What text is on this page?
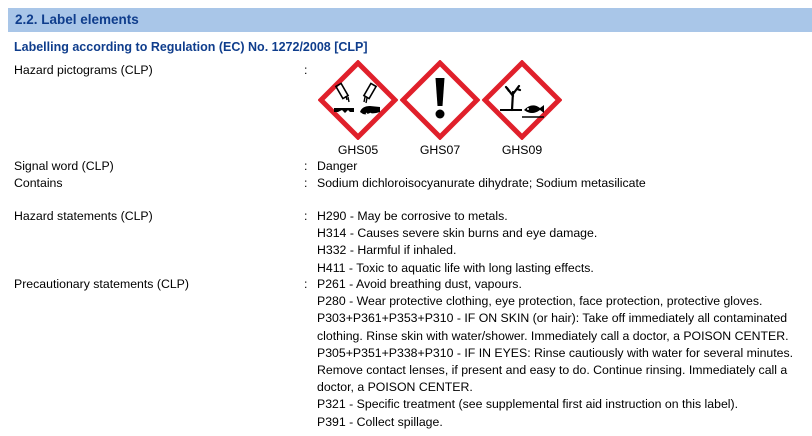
2.2. Label elements
Labelling according to Regulation (EC) No. 1272/2008 [CLP]
Hazard pictograms (CLP)	:
GHS05	GHS07	GHS09
Signal word (CLP)	: Danger
Contains	: Sodium dichloroisocyanurate dihydrate; Sodium metasilicate
Hazard statements (CLP)	: H290 - May be corrosive to metals.
H314 - Causes severe skin burns and eye damage.
H332 - Harmful if inhaled.
H411 - Toxic to aquatic life with long lasting effects.
Precautionary statements (CLP)	: P261 - Avoid breathing dust, vapours.
P280 - Wear protective clothing, eye protection, face protection, protective gloves.
P303+P361+P353+P310 - IF ON SKIN (or hair): Take off immediately all contaminated
clothing. Rinse skin with water/shower. Immediately call a doctor, a POISON CENTER.
P305+P351+P338+P310 - IF IN EYES: Rinse cautiously with water for several minutes.
Remove contact lenses, if present and easy to do. Continue rinsing. Immediately call a
doctor, a POISON CENTER.
P321 - Specific treatment (see supplemental first aid instruction on this label).
P391 - Collect spillage.
